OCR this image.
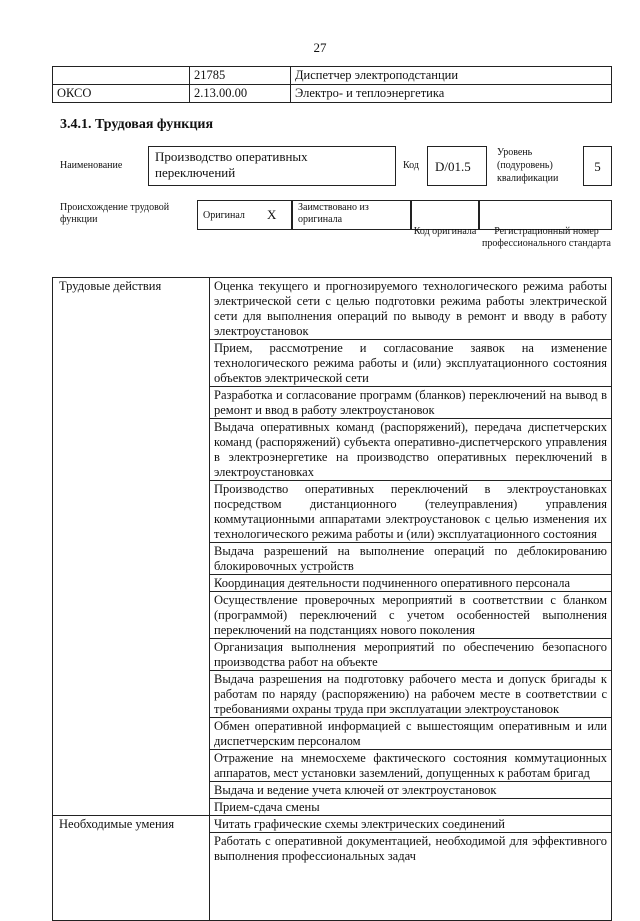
27
	21785	Диспетчер электроподстанции
ОКСО	2.13.00.00	Электро- и теплоэнергетика
3.4.1. Трудовая функция
Наименование
Производство оперативных переключений	Код	D/01.5
Уровень (подуровень) квалификации
5
Происхождение трудовой функции	Оригинал X	Заимствовано из оригинала
Код оригинала	Регистрационный номер профессионального стандарта
Трудовые действия	Оценка текущего и прогнозируемого технологического режима работы электрической сети с целью подготовки режима работы электрической сети для выполнения операций по выводу в ремонт и вводу в работу электроустановок

	Прием, рассмотрение и согласование заявок на изменение технологического режима работы и (или) эксплуатационного состояния объектов электрической сети

	Разработка и согласование программ (бланков) переключений на вывод в ремонт и ввод в работу электроустановок

	Выдача оперативных команд (распоряжений), передача диспетчерских команд (распоряжений) субъекта оперативно-диспетчерского управления в электроэнергетике на производство оперативных переключений в электроустановках

	Производство оперативных переключений в электроустановках посредством дистанционного (телеуправления) управления коммутационными аппаратами электроустановок с целью изменения их технологического режима работы и (или) эксплуатационного состояния

	Выдача разрешений на выполнение операций по деблокированию блокировочных устройств

	Координация деятельности подчиненного оперативного персонала

	Осуществление проверочных мероприятий в соответствии с бланком (программой) переключений с учетом особенностей выполнения переключений на подстанциях нового поколения

	Организация выполнения мероприятий по обеспечению безопасного производства работ на объекте

	Выдача разрешения на подготовку рабочего места и допуск бригады к работам по наряду (распоряжению) на рабочем месте в соответствии с требованиями охраны труда при эксплуатации электроустановок

	Обмен оперативной информацией с вышестоящим оперативным и или диспетчерским персоналом

	Отражение на мнемосхеме фактического состояния коммутационных аппаратов, мест установки заземлений, допущенных к работам бригад

	Выдача и ведение учета ключей от электроустановок

	Прием-сдача смены

Необходимые умения	Читать графические схемы электрических соединений

	Работать с оперативной документацией, необходимой для эффективного выполнения профессиональных задач
